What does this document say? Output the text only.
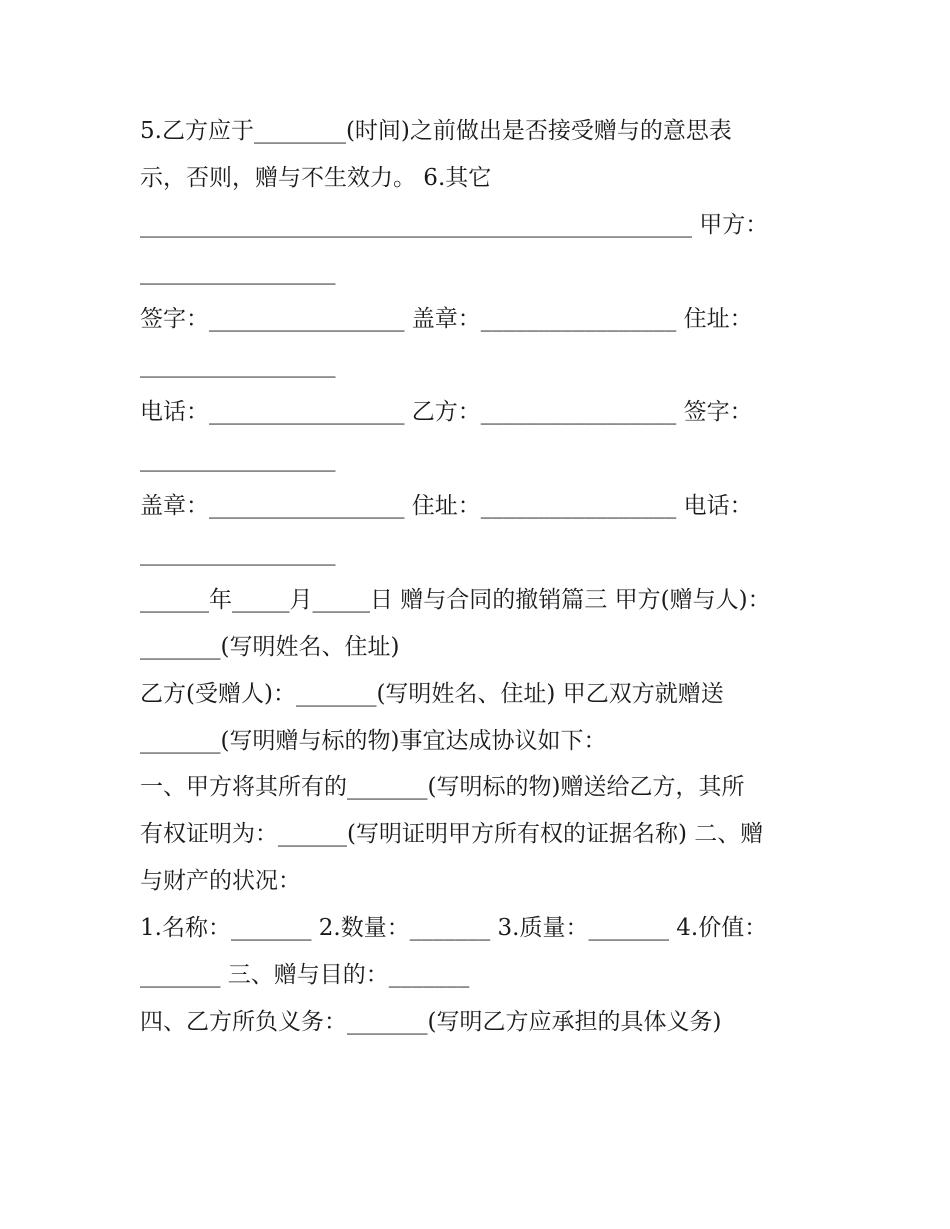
5.乙方应于________(时间)之前做出是否接受赠与的意思表
示，否则，赠与不生效力。 6.其它
________________________________________________ 甲方：
_________________
签字：_________________ 盖章：_________________ 住址：
_________________
电话：_________________ 乙方：_________________ 签字：
_________________
盖章：_________________ 住址：_________________ 电话：
_________________
______年_____月_____日 赠与合同的撤销篇三 甲方(赠与人)：
_______(写明姓名、住址)
乙方(受赠人)：_______(写明姓名、住址) 甲乙双方就赠送
_______(写明赠与标的物)事宜达成协议如下：
一、甲方将其所有的_______(写明标的物)赠送给乙方，其所
有权证明为：______(写明证明甲方所有权的证据名称) 二、赠
与财产的状况：
1.名称：_______ 2.数量：_______ 3.质量：_______ 4.价值：
_______ 三、赠与目的：_______
四、乙方所负义务：_______(写明乙方应承担的具体义务)
